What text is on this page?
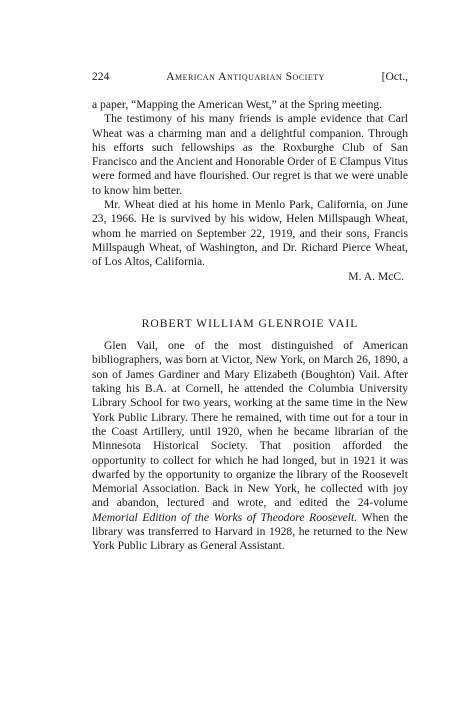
224	American Antiquarian Society	[Oct.,

a paper, “Mapping the American West,” at the Spring meeting.

The testimony of his many friends is ample evidence that Carl Wheat was a charming man and a delightful companion. Through his efforts such fellowships as the Roxburghe Club of San Francisco and the Ancient and Honorable Order of E Clampus Vitus were formed and have flourished. Our regret is that we were unable to know him better.

Mr. Wheat died at his home in Menlo Park, California, on June 23, 1966. He is survived by his widow, Helen Millspaugh Wheat, whom he married on September 22, 1919, and their sons, Francis Millspaugh Wheat, of Washington, and Dr. Richard Pierce Wheat, of Los Altos, California.

M. A. McC.
ROBERT WILLIAM GLENROIE VAIL

Glen Vail, one of the most distinguished of American bibliographers, was born at Victor, New York, on March 26, 1890, a son of James Gardiner and Mary Elizabeth (Boughton) Vail. After taking his B.A. at Cornell, he attended the Columbia University Library School for two years, working at the same time in the New York Public Library. There he remained, with time out for a tour in the Coast Artillery, until 1920, when he became librarian of the Minnesota Historical Society. That position afforded the opportunity to collect for which he had longed, but in 1921 it was dwarfed by the opportunity to organize the library of the Roosevelt Memorial Association. Back in New York, he collected with joy and abandon, lectured and wrote, and edited the 24-volume Memorial Edition of the Works of Theodore Roosevelt. When the library was transferred to Harvard in 1928, he returned to the New York Public Library as General Assistant.
